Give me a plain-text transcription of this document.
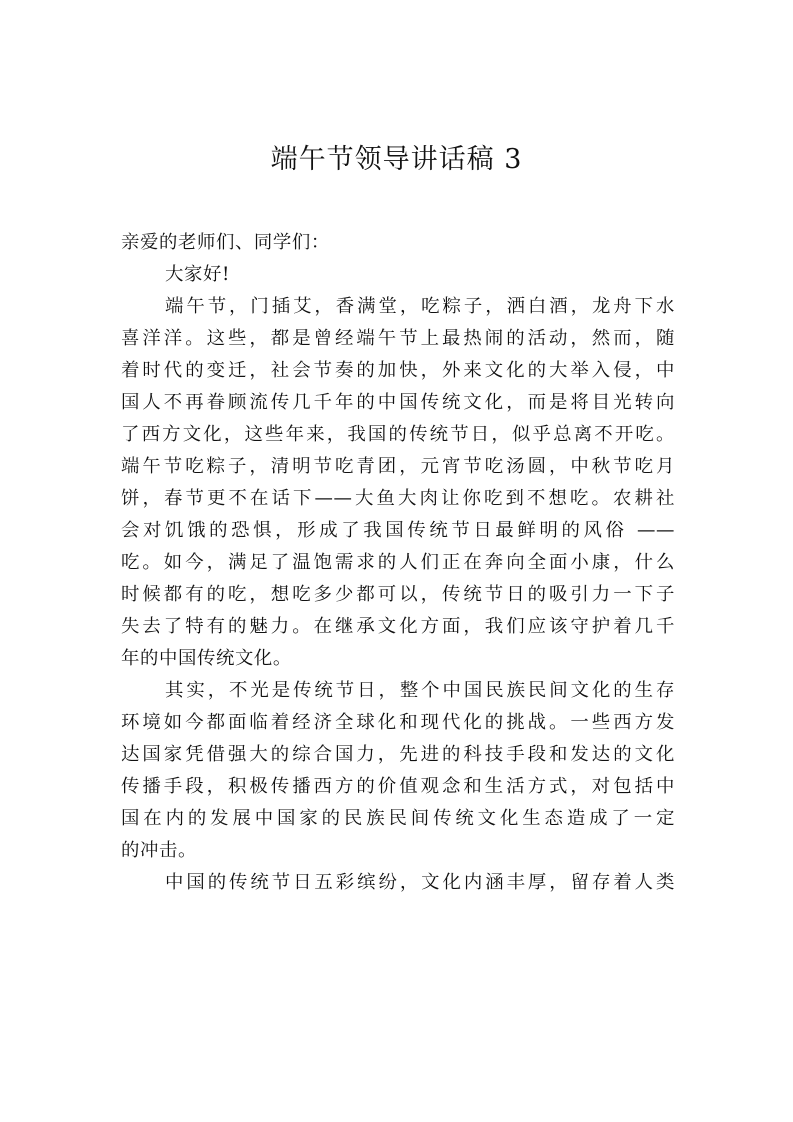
端午节领导讲话稿 3
亲爱的老师们、同学们：
大家好!
端午节，门插艾，香满堂，吃粽子，洒白酒，龙舟下水
喜洋洋。这些，都是曾经端午节上最热闹的活动，然而，随
着时代的变迁，社会节奏的加快，外来文化的大举入侵，中
国人不再眷顾流传几千年的中国传统文化，而是将目光转向
了西方文化，这些年来，我国的传统节日，似乎总离不开吃。
端午节吃粽子，清明节吃青团，元宵节吃汤圆，中秋节吃月
饼，春节更不在话下——大鱼大肉让你吃到不想吃。农耕社
会对饥饿的恐惧，形成了我国传统节日最鲜明的风俗 ——
吃。如今，满足了温饱需求的人们正在奔向全面小康，什么
时候都有的吃，想吃多少都可以，传统节日的吸引力一下子
失去了特有的魅力。在继承文化方面，我们应该守护着几千
年的中国传统文化。
其实，不光是传统节日，整个中国民族民间文化的生存
环境如今都面临着经济全球化和现代化的挑战。一些西方发
达国家凭借强大的综合国力，先进的科技手段和发达的文化
传播手段，积极传播西方的价值观念和生活方式，对包括中
国在内的发展中国家的民族民间传统文化生态造成了一定
的冲击。
中国的传统节日五彩缤纷，文化内涵丰厚，留存着人类
